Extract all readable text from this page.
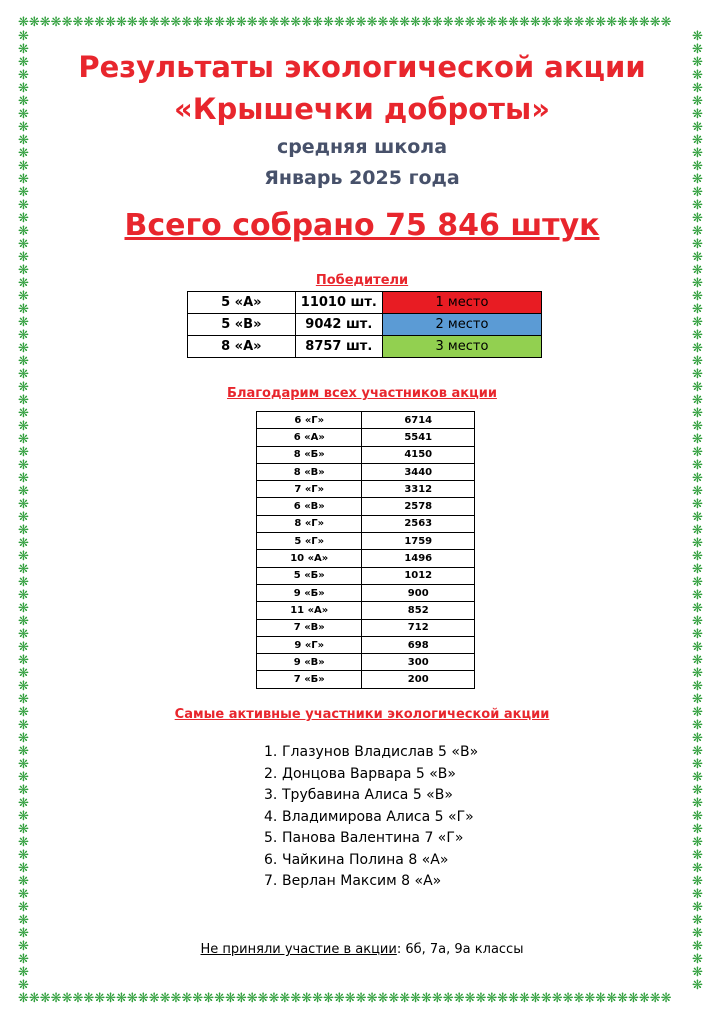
❋❋❋❋❋❋❋❋❋❋❋❋❋❋❋❋❋❋❋❋❋❋❋❋❋❋❋❋❋❋❋❋❋❋❋❋❋❋❋❋❋❋❋❋❋❋❋❋❋❋❋❋❋❋❋❋❋❋❋❋
❋❋❋❋❋❋❋❋❋❋❋❋❋❋❋❋❋❋❋❋❋❋❋❋❋❋❋❋❋❋❋❋❋❋❋❋❋❋❋❋❋❋❋❋❋❋❋❋❋❋❋❋❋❋❋❋❋❋❋❋
❋❋❋❋❋❋❋❋❋❋❋❋❋❋❋❋❋❋❋❋❋❋❋❋❋❋❋❋❋❋❋❋❋❋❋❋❋❋❋❋❋❋❋❋❋❋❋❋❋❋❋❋❋❋❋❋❋❋❋❋❋❋❋❋❋❋❋❋❋❋❋❋❋❋
❋❋❋❋❋❋❋❋❋❋❋❋❋❋❋❋❋❋❋❋❋❋❋❋❋❋❋❋❋❋❋❋❋❋❋❋❋❋❋❋❋❋❋❋❋❋❋❋❋❋❋❋❋❋❋❋❋❋❋❋❋❋❋❋❋❋❋❋❋❋❋❋❋❋
Результаты экологической акции
«Крышечки доброты»
средняя школа
Январь 2025 года
Всего собрано 75 846 штук
Победители
5 «А»	11010 шт.	1 место
5 «В»	9042 шт.	2 место
8 «А»	8757 шт.	3 место
Благодарим всех участников акции
6 «Г»	6714
6 «А»	5541
8 «Б»	4150
8 «В»	3440
7 «Г»	3312
6 «В»	2578
8 «Г»	2563
5 «Г»	1759
10 «А»	1496
5 «Б»	1012
9 «Б»	900
11 «А»	852
7 «В»	712
9 «Г»	698
9 «В»	300
7 «Б»	200
Самые активные участники экологической акции
1. Глазунов Владислав 5 «В»
2. Донцова Варвара 5 «В»
3. Трубавина Алиса 5 «В»
4. Владимирова Алиса 5 «Г»
5. Панова Валентина 7 «Г»
6. Чайкина Полина 8 «А»
7. Верлан Максим 8 «А»
Не приняли участие в акции: 6б, 7а, 9а классы
